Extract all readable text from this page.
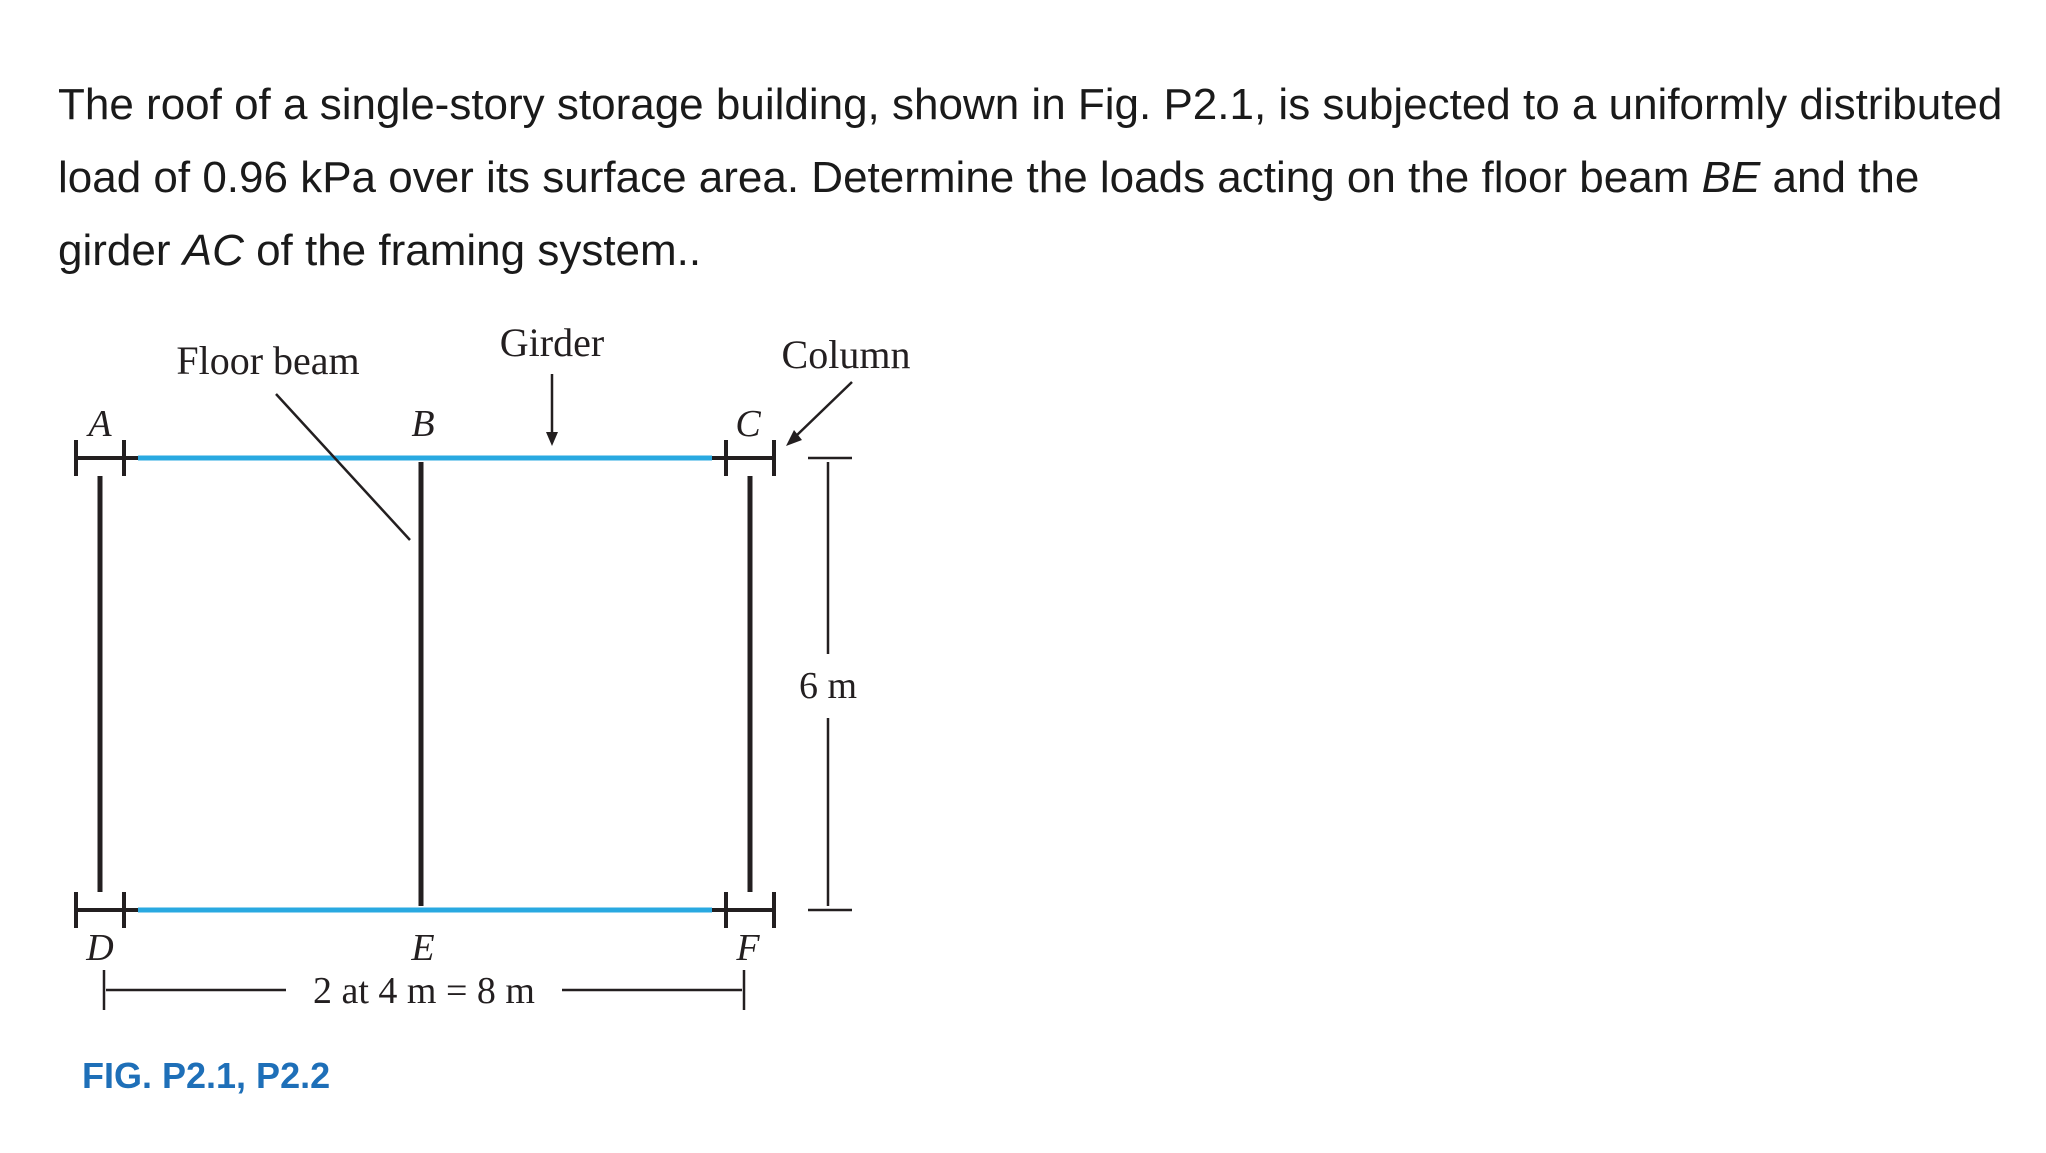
The roof of a single-story storage building, shown in Fig. P2.1, is subjected to a uniformly distributed load of 0.96 kPa over its surface area. Determine the loads acting on the floor beam BE and the girder AC of the framing system..

6 m
2 at 4 m = 8 m
Floor beam	Girder	Column
A	B	C
D	E	F
FIG. P2.1, P2.2
